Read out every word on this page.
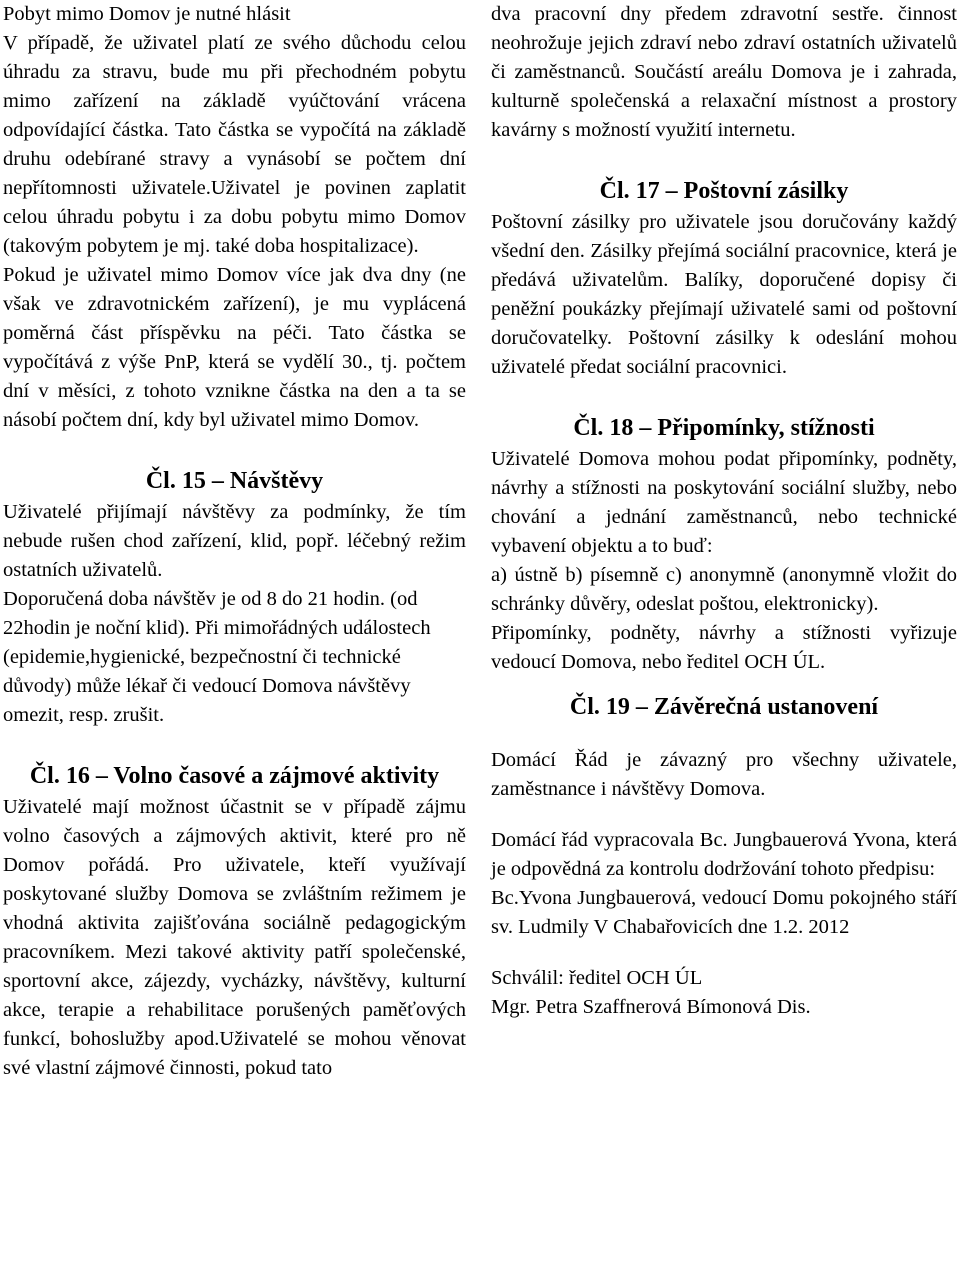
Pobyt mimo Domov je nutné hlásit

V případě, že uživatel platí ze svého důchodu celou úhradu za stravu, bude mu při přechodném pobytu mimo zařízení na základě vyúčtování vrácena odpovídající částka. Tato částka se vypočítá na základě druhu odebírané stravy a vynásobí se počtem dní nepřítomnosti uživatele.Uživatel je povinen zaplatit celou úhradu pobytu i za dobu pobytu mimo Domov (takovým pobytem je mj. také doba hospitalizace).

Pokud je uživatel mimo Domov více jak dva dny (ne však ve zdravotnickém zařízení), je mu vyplácená poměrná část příspěvku na péči. Tato částka se vypočítává z výše PnP, která se vydělí 30., tj. počtem dní v měsíci, z tohoto vznikne částka na den a ta se násobí počtem dní, kdy byl uživatel mimo Domov.

Čl. 15 – Návštěvy

Uživatelé přijímají návštěvy za podmínky, že tím nebude rušen chod zařízení, klid, popř. léčebný režim ostatních uživatelů.

Doporučená doba návštěv je od 8 do 21 hodin. (od 22hodin je noční klid). Při mimořádných událostech (epidemie,hygienické, bezpečnostní či technické důvody) může lékař či vedoucí Domova návštěvy omezit, resp. zrušit.

Čl. 16 – Volno časové a zájmové aktivity

Uživatelé mají možnost účastnit se v případě zájmu volno časových a zájmových aktivit, které pro ně Domov pořádá. Pro uživatele, kteří využívají poskytované služby Domova se zvláštním režimem je vhodná aktivita zajišťována sociálně pedagogickým pracovníkem. Mezi takové aktivity patří společenské, sportovní akce, zájezdy, vycházky, návštěvy, kulturní akce, terapie a rehabilitace porušených paměťových funkcí, bohoslužby apod.Uživatelé se mohou věnovat své vlastní zájmové činnosti, pokud tato

dva pracovní dny předem zdravotní sestře. činnost neohrožuje jejich zdraví nebo zdraví ostatních uživatelů či zaměstnanců. Součástí areálu Domova je i zahrada, kulturně společenská a relaxační místnost a prostory kavárny s možností využití internetu.

Čl. 17 – Poštovní zásilky

Poštovní zásilky pro uživatele jsou doručovány každý všední den. Zásilky přejímá sociální pracovnice, která je předává uživatelům. Balíky, doporučené dopisy či peněžní poukázky přejímají uživatelé sami od poštovní doručovatelky. Poštovní zásilky k odeslání mohou uživatelé předat sociální pracovnici.

Čl. 18 – Připomínky, stížnosti

Uživatelé Domova mohou podat připomínky, podněty, návrhy a stížnosti na poskytování sociální služby, nebo chování a jednání zaměstnanců, nebo technické vybavení objektu a to buď:

a) ústně b) písemně c) anonymně (anonymně vložit do schránky důvěry, odeslat poštou, elektronicky).

Připomínky, podněty, návrhy a stížnosti vyřizuje vedoucí Domova, nebo ředitel OCH ÚL.

Čl. 19 – Závěrečná ustanovení

Domácí Řád je závazný pro všechny uživatele, zaměstnance i návštěvy Domova.

Domácí řád vypracovala Bc. Jungbauerová Yvona, která je odpovědná za kontrolu dodržování tohoto předpisu:

Bc.Yvona Jungbauerová, vedoucí Domu pokojného stáří sv. Ludmily V Chabařovicích dne 1.2. 2012

Schválil: ředitel OCH ÚL

Mgr. Petra Szaffnerová Bímonová Dis.
